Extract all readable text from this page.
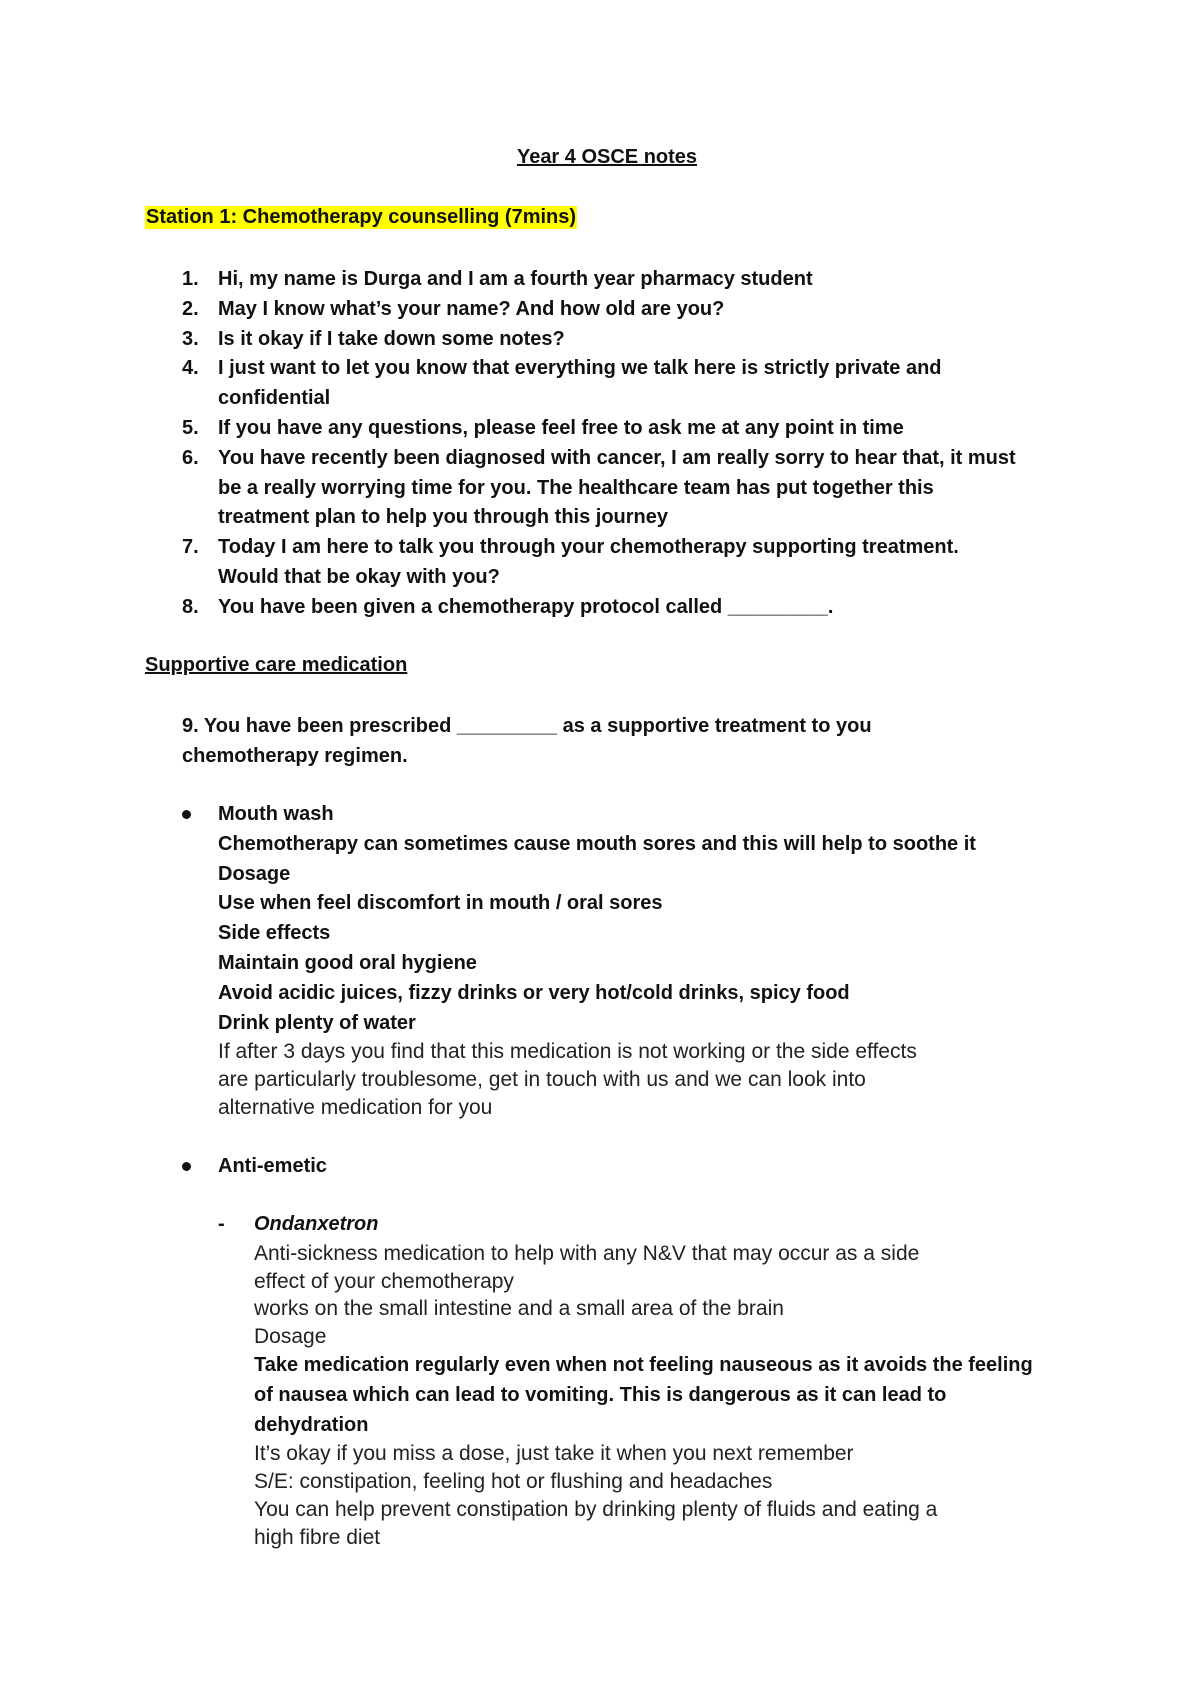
Year 4 OSCE notes
Station 1: Chemotherapy counselling (7mins)
1. Hi, my name is Durga and I am a fourth year pharmacy student
2. May I know what’s your name? And how old are you?
3. Is it okay if I take down some notes?
4. I just want to let you know that everything we talk here is strictly private and
confidential
5. If you have any questions, please feel free to ask me at any point in time
6. You have recently been diagnosed with cancer, I am really sorry to hear that, it must
be a really worrying time for you. The healthcare team has put together this
treatment plan to help you through this journey
7. Today I am here to talk you through your chemotherapy supporting treatment.
Would that be okay with you?
8. You have been given a chemotherapy protocol called _________.
Supportive care medication
9. You have been prescribed _________ as a supportive treatment to you
chemotherapy regimen.
Mouth wash
Chemotherapy can sometimes cause mouth sores and this will help to soothe it
Dosage
Use when feel discomfort in mouth / oral sores
Side effects
Maintain good oral hygiene
Avoid acidic juices, fizzy drinks or very hot/cold drinks, spicy food
Drink plenty of water
If after 3 days you find that this medication is not working or the side effects
are particularly troublesome, get in touch with us and we can look into
alternative medication for you
Anti-emetic
- Ondanxetron
Anti-sickness medication to help with any N&V that may occur as a side
effect of your chemotherapy
works on the small intestine and a small area of the brain
Dosage
Take medication regularly even when not feeling nauseous as it avoids the feeling
of nausea which can lead to vomiting. This is dangerous as it can lead to
dehydration
It’s okay if you miss a dose, just take it when you next remember
S/E: constipation, feeling hot or flushing and headaches
You can help prevent constipation by drinking plenty of fluids and eating a
high fibre diet
